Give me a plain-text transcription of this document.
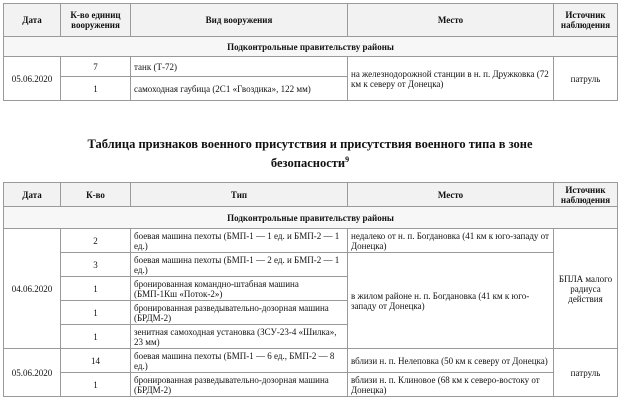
Дата	К-во единиц вооружения	Вид вооружения	Место	Источник наблюдения
Подконтрольные правительству районы				
05.06.2020	7	танк (Т-72)	на железнодорожной станции в н. п. Дружковка (72 км к северу от Донецка)	патруль
	1	самоходная гаубица (2С1 «Гвоздика», 122 мм)		
Таблица признаков военного присутствия и присутствия военного типа в зоне
безопасности$^9$
Дата	К-во	Тип	Место	Источник наблюдения
Подконтрольные правительству районы				
04.06.2020	2	боевая машина пехоты (БМП-1 — 1 ед. и БМП-2 — 1 ед.)	недалеко от н. п. Богдановка (41 км к юго-западу от Донецка)	БПЛА малого радиуса действия
	3	боевая машина пехоты (БМП-1 — 2 ед. и БМП-2 — 1 ед.)	в жилом районе н. п. Богдановка (41 км к юго-западу от Донецка)	
	1	бронированная командно-штабная машина (БМП-1Кш «Поток-2»)		
	1	бронированная разведывательно-дозорная машина (БРДМ-2)		
	1	зенитная самоходная установка (ЗСУ-23-4 «Шилка», 23 мм)		
05.06.2020	14	боевая машина пехоты (БМП-1 — 6 ед., БМП-2 — 8 ед.)	вблизи н. п. Нелеповка (50 км к северу от Донецка)	патруль
	1	бронированная разведывательно-дозорная машина (БРДМ-2)	вблизи н. п. Клиновое (68 км к северо-востоку от Донецка)	
